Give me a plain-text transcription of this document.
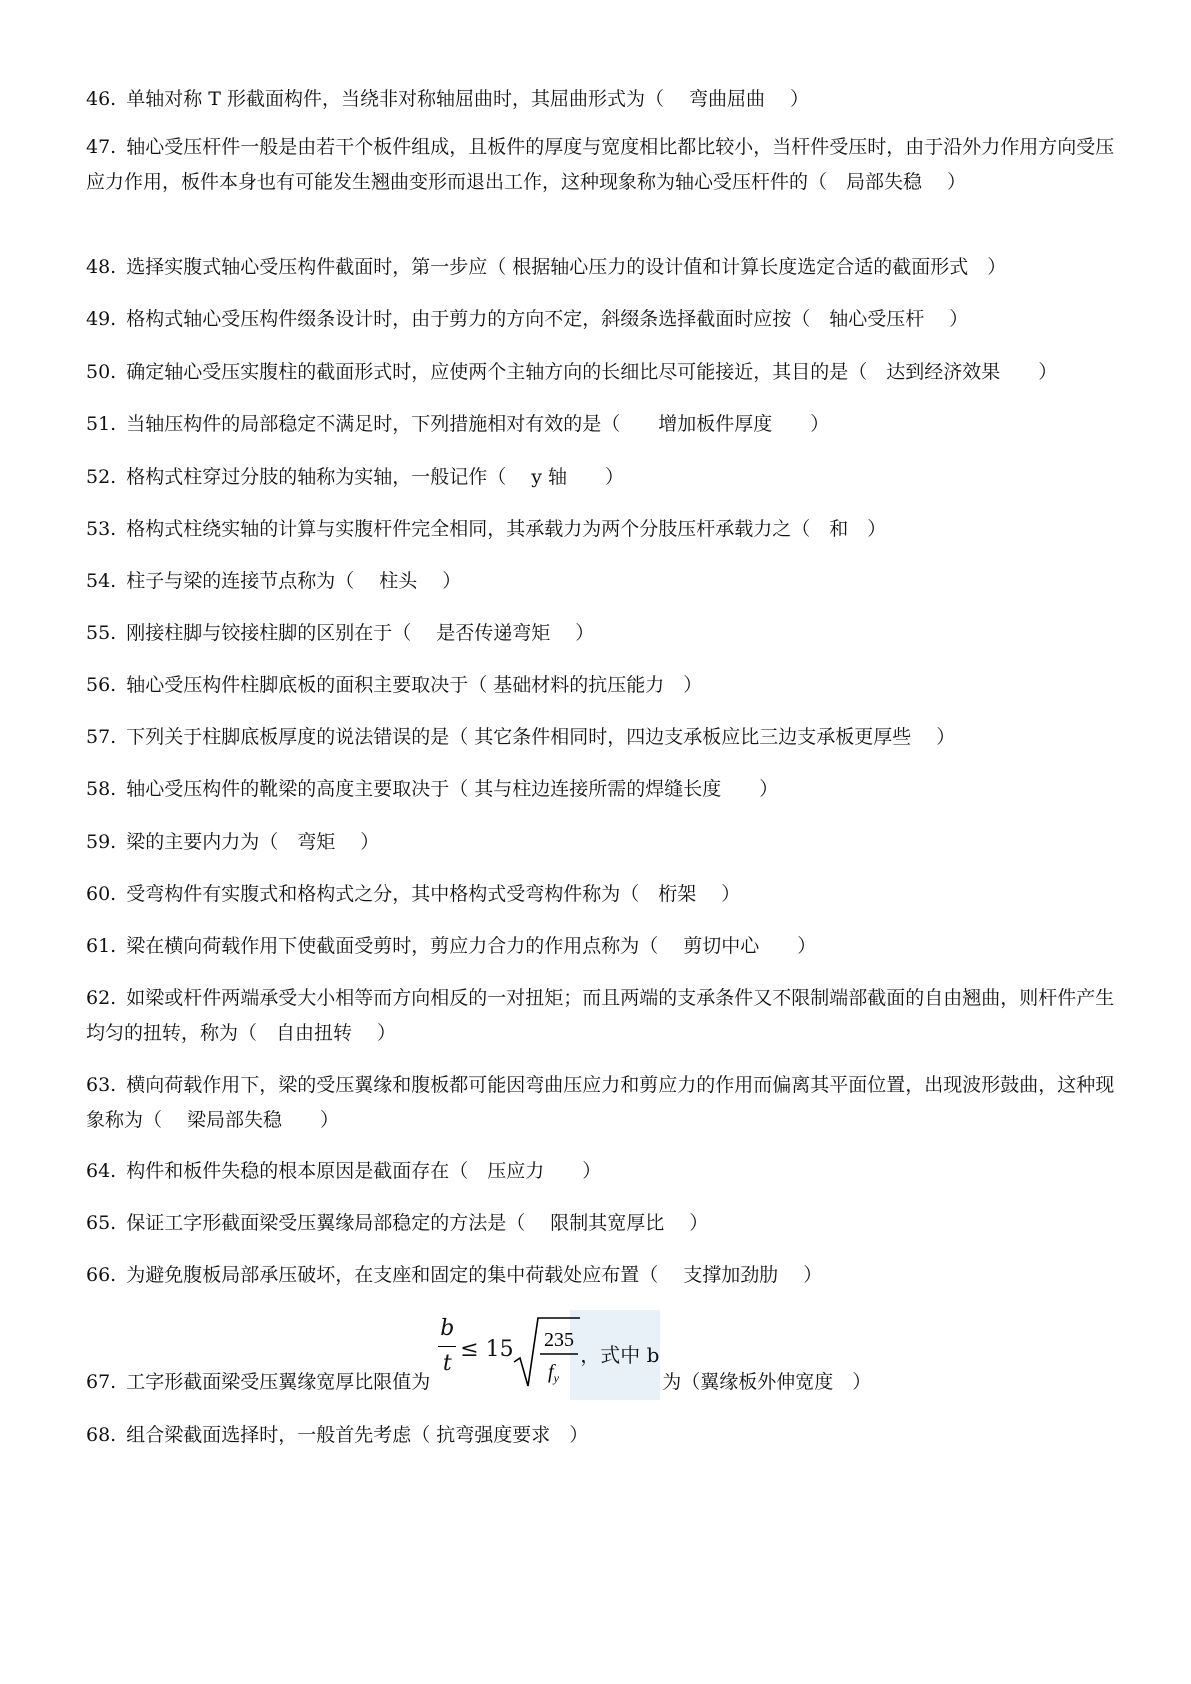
46. 单轴对称 T 形截面构件，当绕非对称轴屈曲时，其屈曲形式为（　 弯曲屈曲　 ）
47. 轴心受压杆件一般是由若干个板件组成，且板件的厚度与宽度相比都比较小，当杆件受压时，由于沿外力作用方向受压应力作用，板件本身也有可能发生翘曲变形而退出工作，这种现象称为轴心受压杆件的（　局部失稳　 ）
48. 选择实腹式轴心受压构件截面时，第一步应（ 根据轴心压力的设计值和计算长度选定合适的截面形式　）
49. 格构式轴心受压构件缀条设计时，由于剪力的方向不定，斜缀条选择截面时应按（　轴心受压杆　 ）
50. 确定轴心受压实腹柱的截面形式时，应使两个主轴方向的长细比尽可能接近，其目的是（　达到经济效果　　）
51. 当轴压构件的局部稳定不满足时，下列措施相对有效的是（　　增加板件厚度　　）
52. 格构式柱穿过分肢的轴称为实轴，一般记作（　 y 轴　　）
53. 格构式柱绕实轴的计算与实腹杆件完全相同，其承载力为两个分肢压杆承载力之（　和　）
54. 柱子与梁的连接节点称为（　 柱头　 ）
55. 刚接柱脚与铰接柱脚的区别在于（　 是否传递弯矩　 ）
56. 轴心受压构件柱脚底板的面积主要取决于（ 基础材料的抗压能力　）
57. 下列关于柱脚底板厚度的说法错误的是（ 其它条件相同时，四边支承板应比三边支承板更厚些　 ）
58. 轴心受压构件的靴梁的高度主要取决于（ 其与柱边连接所需的焊缝长度　　）
59. 梁的主要内力为（　弯矩　 ）
60. 受弯构件有实腹式和格构式之分，其中格构式受弯构件称为（　桁架　 ）
61. 梁在横向荷载作用下使截面受剪时，剪应力合力的作用点称为（　 剪切中心　　）
62. 如梁或杆件两端承受大小相等而方向相反的一对扭矩；而且两端的支承条件又不限制端部截面的自由翘曲，则杆件产生均匀的扭转，称为（　自由扭转　 ）
63. 横向荷载作用下，梁的受压翼缘和腹板都可能因弯曲压应力和剪应力的作用而偏离其平面位置，出现波形鼓曲，这种现象称为（　 梁局部失稳　　）
64. 构件和板件失稳的根本原因是截面存在（　压应力　　）
65. 保证工字形截面梁受压翼缘局部稳定的方法是（　 限制其宽厚比　 ）
66. 为避免腹板局部承压破坏，在支座和固定的集中荷载处应布置（　 支撑加劲肋　 ）
67. 工字形截面梁受压翼缘宽厚比限值为
b
t
≤ 15 235
$f_y$
，式中 b
为（翼缘板外伸宽度　）
68. 组合梁截面选择时，一般首先考虑（ 抗弯强度要求　）
